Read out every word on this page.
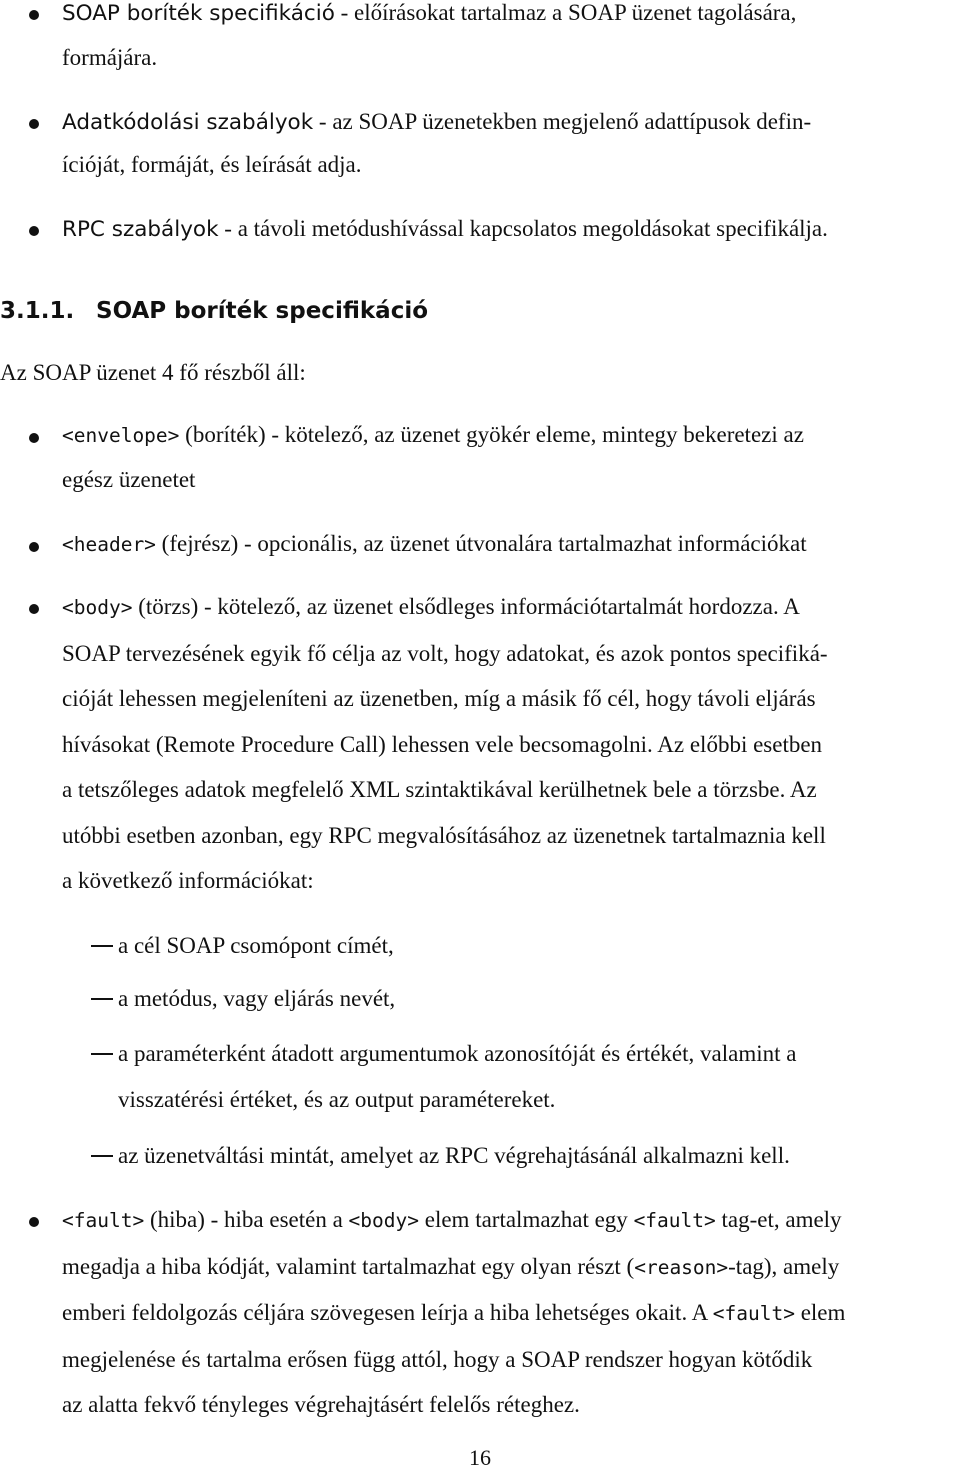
SOAP boríték specifikáció - előírásokat tartalmaz a SOAP üzenet tagolására,
formájára.
Adatkódolási szabályok - az SOAP üzenetekben megjelenő adattípusok defin-
ícióját, formáját, és leírását adja.
RPC szabályok - a távoli metódushívással kapcsolatos megoldásokat specifikálja.
3.1.1. SOAP boríték specifikáció
Az SOAP üzenet 4 fő részből áll:
<envelope> (boríték) - kötelező, az üzenet gyökér eleme, mintegy bekeretezi az
egész üzenetet
<header> (fejrész) - opcionális, az üzenet útvonalára tartalmazhat információkat
<body> (törzs) - kötelező, az üzenet elsődleges információtartalmát hordozza. A
SOAP tervezésének egyik fő célja az volt, hogy adatokat, és azok pontos specifiká-
cióját lehessen megjeleníteni az üzenetben, míg a másik fő cél, hogy távoli eljárás
hívásokat (Remote Procedure Call) lehessen vele becsomagolni. Az előbbi esetben
a tetszőleges adatok megfelelő XML szintaktikával kerülhetnek bele a törzsbe. Az
utóbbi esetben azonban, egy RPC megvalósításához az üzenetnek tartalmaznia kell
a következő információkat:
a cél SOAP csomópont címét,
a metódus, vagy eljárás nevét,
a paraméterként átadott argumentumok azonosítóját és értékét, valamint a
visszatérési értéket, és az output paramétereket.
az üzenetváltási mintát, amelyet az RPC végrehajtásánál alkalmazni kell.
<fault> (hiba) - hiba esetén a <body> elem tartalmazhat egy <fault> tag-et, amely
megadja a hiba kódját, valamint tartalmazhat egy olyan részt (<reason>-tag), amely
emberi feldolgozás céljára szövegesen leírja a hiba lehetséges okait. A <fault> elem
megjelenése és tartalma erősen függ attól, hogy a SOAP rendszer hogyan kötődik
az alatta fekvő tényleges végrehajtásért felelős réteghez.
16
